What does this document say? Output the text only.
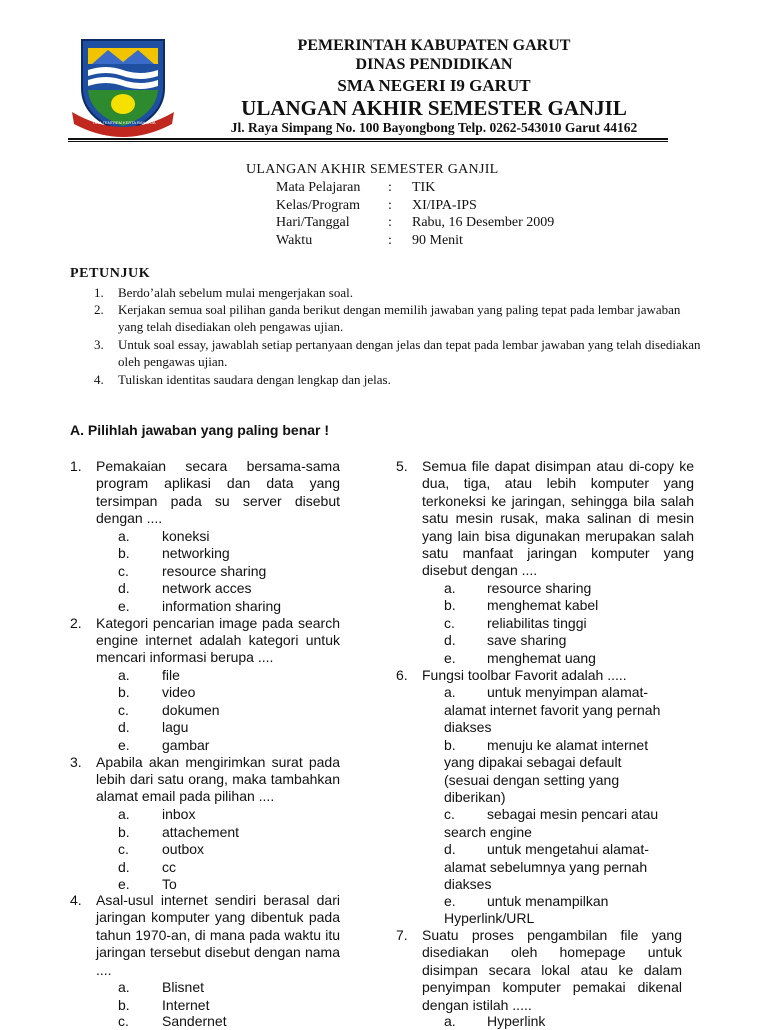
TATA TENTREM KERTA RAHARJA
PEMERINTAH KABUPATEN GARUT
DINAS PENDIDIKAN
SMA NEGERI I9 GARUT
ULANGAN AKHIR SEMESTER GANJIL
Jl. Raya Simpang No. 100 Bayongbong Telp. 0262-543010 Garut 44162
ULANGAN AKHIR SEMESTER GANJIL
Mata Pelajaran : TIK
Kelas/Program : XI/IPA-IPS
Hari/Tanggal	: Rabu, 16 Desember 2009
Waktu	: 90 Menit
PETUNJUK
1. Berdo’alah sebelum mulai mengerjakan soal.
2. Kerjakan semua soal pilihan ganda berikut dengan memilih jawaban yang paling tepat pada lembar jawaban yang telah disediakan oleh pengawas ujian.
3. Untuk soal essay, jawablah setiap pertanyaan dengan jelas dan tepat pada lembar jawaban yang telah disediakan oleh pengawas ujian.
4. Tuliskan identitas saudara dengan lengkap dan jelas.
A. Pilihlah jawaban yang paling benar !
1. Pemakaian secara bersama-sama program aplikasi dan data yang tersimpan pada su server disebut dengan ....
a. koneksi
b. networking
c. resource sharing
d. network acces
e. information sharing
2. Kategori pencarian image pada search engine internet adalah kategori untuk mencari informasi berupa ....
a. file
b. video
c. dokumen
d. lagu
e. gambar
3. Apabila akan mengirimkan surat pada lebih dari satu orang, maka tambahkan alamat email pada pilihan ....
a. inbox
b. attachement
c. outbox
d. cc
e. To
4. Asal-usul internet sendiri berasal dari jaringan komputer yang dibentuk pada tahun 1970-an, di mana pada waktu itu jaringan tersebut disebut dengan nama ....
a. Blisnet
b. Internet
c. Sandernet
5. Semua file dapat disimpan atau di-copy ke dua, tiga, atau lebih komputer yang terkoneksi ke jaringan, sehingga bila salah satu mesin rusak, maka salinan di mesin yang lain bisa digunakan merupakan salah satu manfaat jaringan komputer yang disebut dengan ....
a. resource sharing
b. menghemat kabel
c. reliabilitas tinggi
d. save sharing
e. menghemat uang
6. Fungsi toolbar Favorit adalah .....
a. untuk menyimpan alamat-
alamat internet favorit yang pernah
diakses
b. menuju ke alamat internet
yang dipakai sebagai default
(sesuai dengan setting yang
diberikan)
c. sebagai mesin pencari atau
search engine
d. untuk mengetahui alamat-
alamat sebelumnya yang pernah
diakses
e. untuk menampilkan
Hyperlink/URL
7. Suatu proses pengambilan file yang disediakan oleh homepage untuk disimpan secara lokal atau ke dalam penyimpan komputer pemakai dikenal dengan istilah .....
a. Hyperlink
